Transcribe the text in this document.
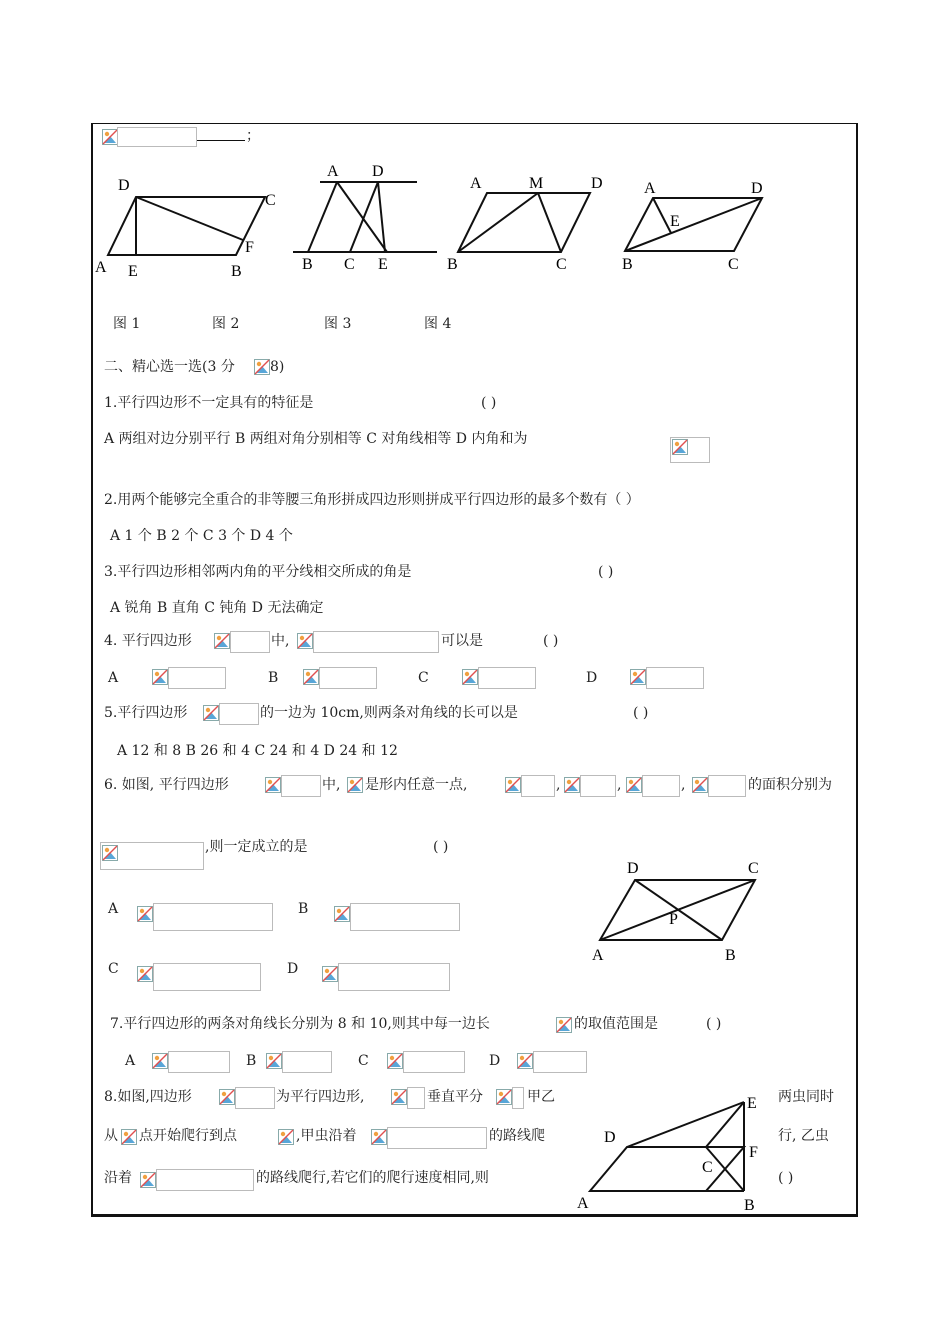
；
D
C
A E	B
F
A D
B C E
A	M	D
B	C
A	D
E
B	C
图 1	图 2	图 3	图 4
二、精心选一选(3 分	8)
1.平行四边形不一定具有的特征是	( )
A 两组对边分别平行 B 两组对角分别相等 C 对角线相等 D 内角和为
2.用两个能够完全重合的非等腰三角形拼成四边形则拼成平行四边形的最多个数有（ ）
A 1 个 B 2 个 C 3 个 D 4 个
3.平行四边形相邻两内角的平分线相交所成的角是	( )
A 锐角 B 直角 C 钝角 D 无法确定
4. 平行四边形	中,	可以是	( )
A	B	C	D
5.平行四边形	的一边为 10cm,则两条对角线的长可以是	( )
A 12 和 8 B 26 和 4 C 24 和 4 D 24 和 12
6. 如图, 平行四边形	中, 是形内任意一点,	,	,	,	的面积分别为
,则一定成立的是	( )
A	B
C	D
D	C
P
A	B
7.平行四边形的两条对角线长分别为 8 和 10,则其中每一边长	的取值范围是	( )
A	B	C	D
8.如图,四边形	为平行四边形,	垂直平分	甲乙
从 点开始爬行到点	,甲虫沿着	的路线爬
沿着	的路线爬行,若它们的爬行速度相同,则
两虫同时
行, 乙虫
( )
E
D
F
C
A	B
